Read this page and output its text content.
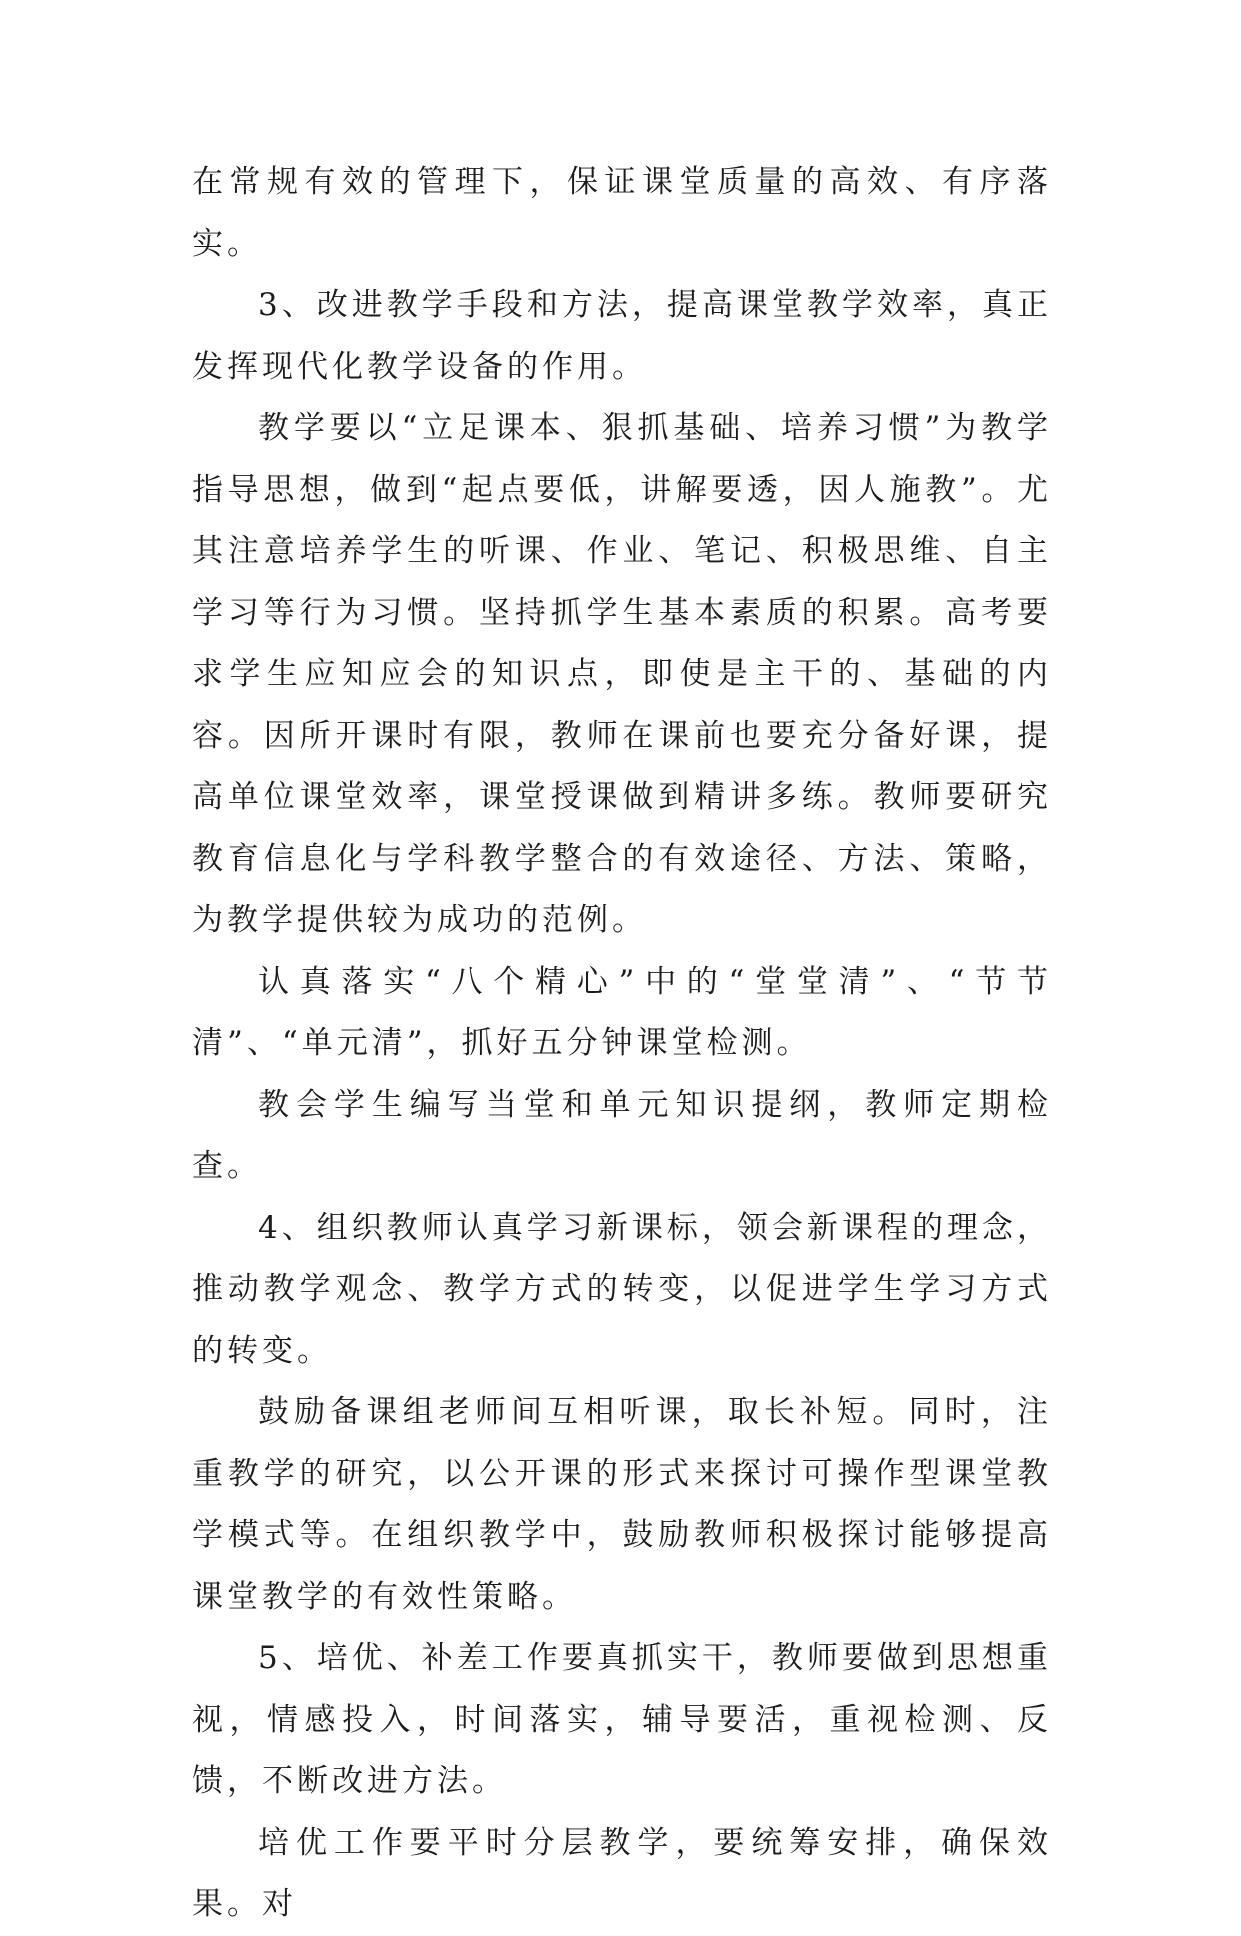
在常规有效的管理下，保证课堂质量的高效、有序落实。

3、改进教学手段和方法，提高课堂教学效率，真正发挥现代化教学设备的作用。

教学要以“立足课本、狠抓基础、培养习惯”为教学指导思想，做到“起点要低，讲解要透，因人施教”。尤其注意培养学生的听课、作业、笔记、积极思维、自主学习等行为习惯。坚持抓学生基本素质的积累。高考要求学生应知应会的知识点，即使是主干的、基础的内容。因所开课时有限，教师在课前也要充分备好课，提高单位课堂效率，课堂授课做到精讲多练。教师要研究教育信息化与学科教学整合的有效途径、方法、策略，为教学提供较为成功的范例。

认真落实“八个精心”中的“堂堂清”、“节节清”、“单元清”，抓好五分钟课堂检测。

教会学生编写当堂和单元知识提纲，教师定期检查。

4、组织教师认真学习新课标，领会新课程的理念，推动教学观念、教学方式的转变，以促进学生学习方式的转变。

鼓励备课组老师间互相听课，取长补短。同时，注重教学的研究，以公开课的形式来探讨可操作型课堂教学模式等。在组织教学中，鼓励教师积极探讨能够提高课堂教学的有效性策略。

5、培优、补差工作要真抓实干，教师要做到思想重视，情感投入，时间落实，辅导要活，重视检测、反馈，不断改进方法。

培优工作要平时分层教学，要统筹安排，确保效果。对
